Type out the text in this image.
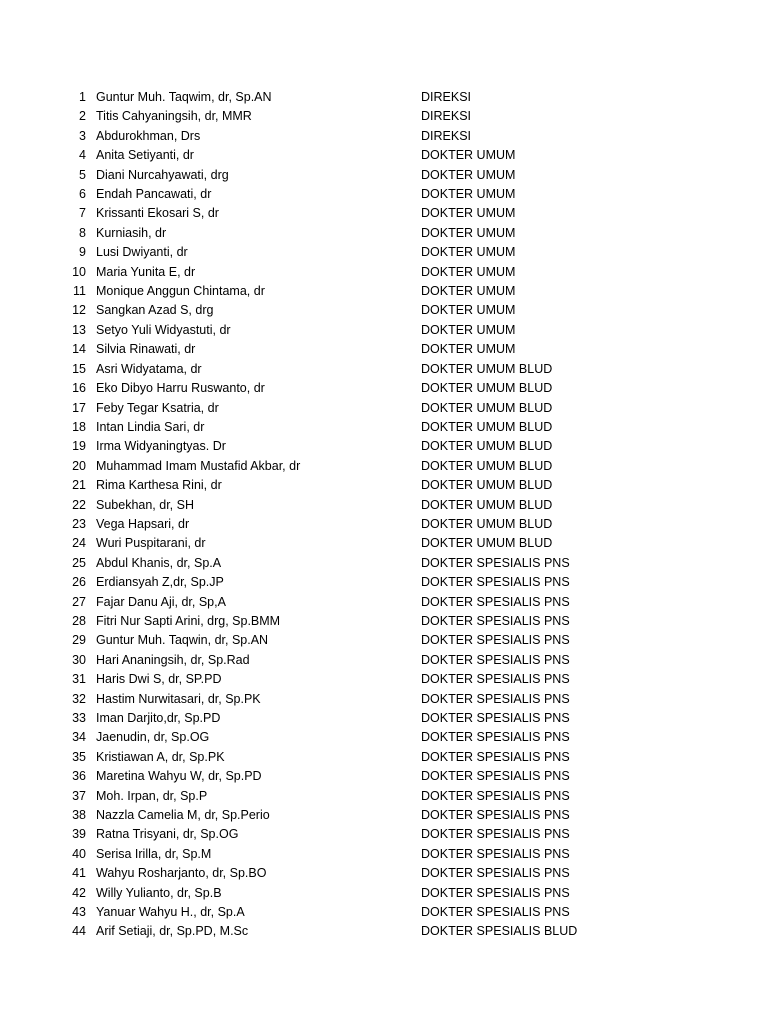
1	Guntur Muh. Taqwim, dr, Sp.AN	DIREKSI
2	Titis Cahyaningsih, dr, MMR	DIREKSI
3	Abdurokhman, Drs	DIREKSI
4	Anita Setiyanti, dr	DOKTER UMUM
5	Diani Nurcahyawati, drg	DOKTER UMUM
6	Endah Pancawati, dr	DOKTER UMUM
7	Krissanti Ekosari S, dr	DOKTER UMUM
8	Kurniasih, dr	DOKTER UMUM
9	Lusi Dwiyanti, dr	DOKTER UMUM
10	Maria Yunita E, dr	DOKTER UMUM
11	Monique Anggun Chintama, dr	DOKTER UMUM
12	Sangkan Azad S, drg	DOKTER UMUM
13	Setyo Yuli Widyastuti, dr	DOKTER UMUM
14	Silvia Rinawati, dr	DOKTER UMUM
15	Asri Widyatama, dr	DOKTER UMUM BLUD
16	Eko Dibyo Harru Ruswanto, dr	DOKTER UMUM BLUD
17	Feby Tegar Ksatria, dr	DOKTER UMUM BLUD
18	Intan Lindia Sari, dr	DOKTER UMUM BLUD
19	Irma Widyaningtyas. Dr	DOKTER UMUM BLUD
20	Muhammad Imam Mustafid Akbar, dr	DOKTER UMUM BLUD
21	Rima Karthesa Rini, dr	DOKTER UMUM BLUD
22	Subekhan, dr, SH	DOKTER UMUM BLUD
23	Vega Hapsari, dr	DOKTER UMUM BLUD
24	Wuri Puspitarani, dr	DOKTER UMUM BLUD
25	Abdul Khanis, dr, Sp.A	DOKTER SPESIALIS PNS
26	Erdiansyah Z,dr, Sp.JP	DOKTER SPESIALIS PNS
27	Fajar Danu Aji, dr, Sp,A	DOKTER SPESIALIS PNS
28	Fitri Nur Sapti Arini, drg, Sp.BMM	DOKTER SPESIALIS PNS
29	Guntur Muh. Taqwin, dr, Sp.AN	DOKTER SPESIALIS PNS
30	Hari Ananingsih, dr, Sp.Rad	DOKTER SPESIALIS PNS
31	Haris Dwi S, dr, SP.PD	DOKTER SPESIALIS PNS
32	Hastim Nurwitasari, dr, Sp.PK	DOKTER SPESIALIS PNS
33	Iman Darjito,dr, Sp.PD	DOKTER SPESIALIS PNS
34	Jaenudin, dr, Sp.OG	DOKTER SPESIALIS PNS
35	Kristiawan A, dr, Sp.PK	DOKTER SPESIALIS PNS
36	Maretina Wahyu W, dr, Sp.PD	DOKTER SPESIALIS PNS
37	Moh. Irpan, dr, Sp.P	DOKTER SPESIALIS PNS
38	Nazzla Camelia M, dr, Sp.Perio	DOKTER SPESIALIS PNS
39	Ratna Trisyani, dr, Sp.OG	DOKTER SPESIALIS PNS
40	Serisa Irilla, dr, Sp.M	DOKTER SPESIALIS PNS
41	Wahyu Rosharjanto, dr, Sp.BO	DOKTER SPESIALIS PNS
42	Willy Yulianto, dr, Sp.B	DOKTER SPESIALIS PNS
43	Yanuar Wahyu H., dr, Sp.A	DOKTER SPESIALIS PNS
44	Arif Setiaji, dr, Sp.PD, M.Sc	DOKTER SPESIALIS BLUD
